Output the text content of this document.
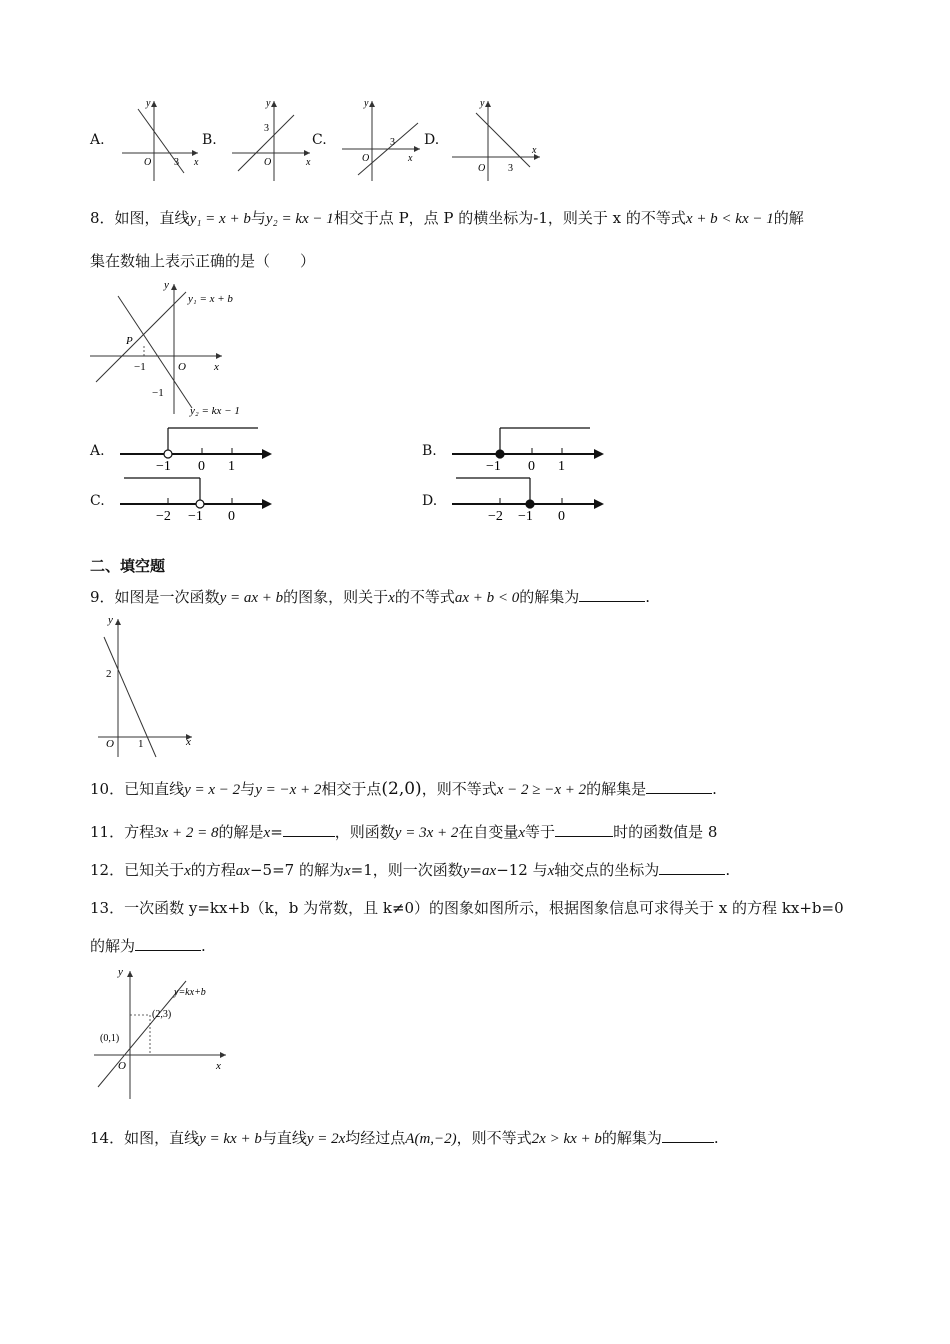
A.
y
x
O 3
B.
y
x
O
3
C.
y
x
O
3 D.
y
x
O 3
8．如图，直线y₁ = x + b与y₂ = kx − 1相交于点 P，点 P 的横坐标为-1，则关于 x 的不等式x + b < kx − 1的解
集在数轴上表示正确的是（　　）
y
x
O
P
−1
−1
y₁ = x + b
y₂ = kx − 1
A.
−1 0 1
B.
−1 0 1
C.
−2 −1 0
D.
−2 −1 0
二、填空题
9．如图是一次函数y = ax + b的图象，则关于x的不等式ax + b < 0的解集为	.
y
x
O
2
1
10．已知直线y = x − 2与y = −x + 2相交于点(2,0)，则不等式x − 2 ≥ −x + 2的解集是	.
11．方程3x + 2 = 8的解是x=	，则函数y = 3x + 2在自变量x等于	时的函数值是 8
12．已知关于x的方程ax−5=7 的解为x=1，则一次函数y=ax−12 与x轴交点的坐标为	.
13．一次函数 y=kx+b（k，b 为常数，且 k≠0）的图象如图所示，根据图象信息可求得关于 x 的方程 kx+b=0
的解为	.
y
x
O
y=kx+b
(0,1)
(2,3)
14．如图，直线y = kx + b与直线y = 2x均经过点A(m,−2)，则不等式2x > kx + b的解集为	.
